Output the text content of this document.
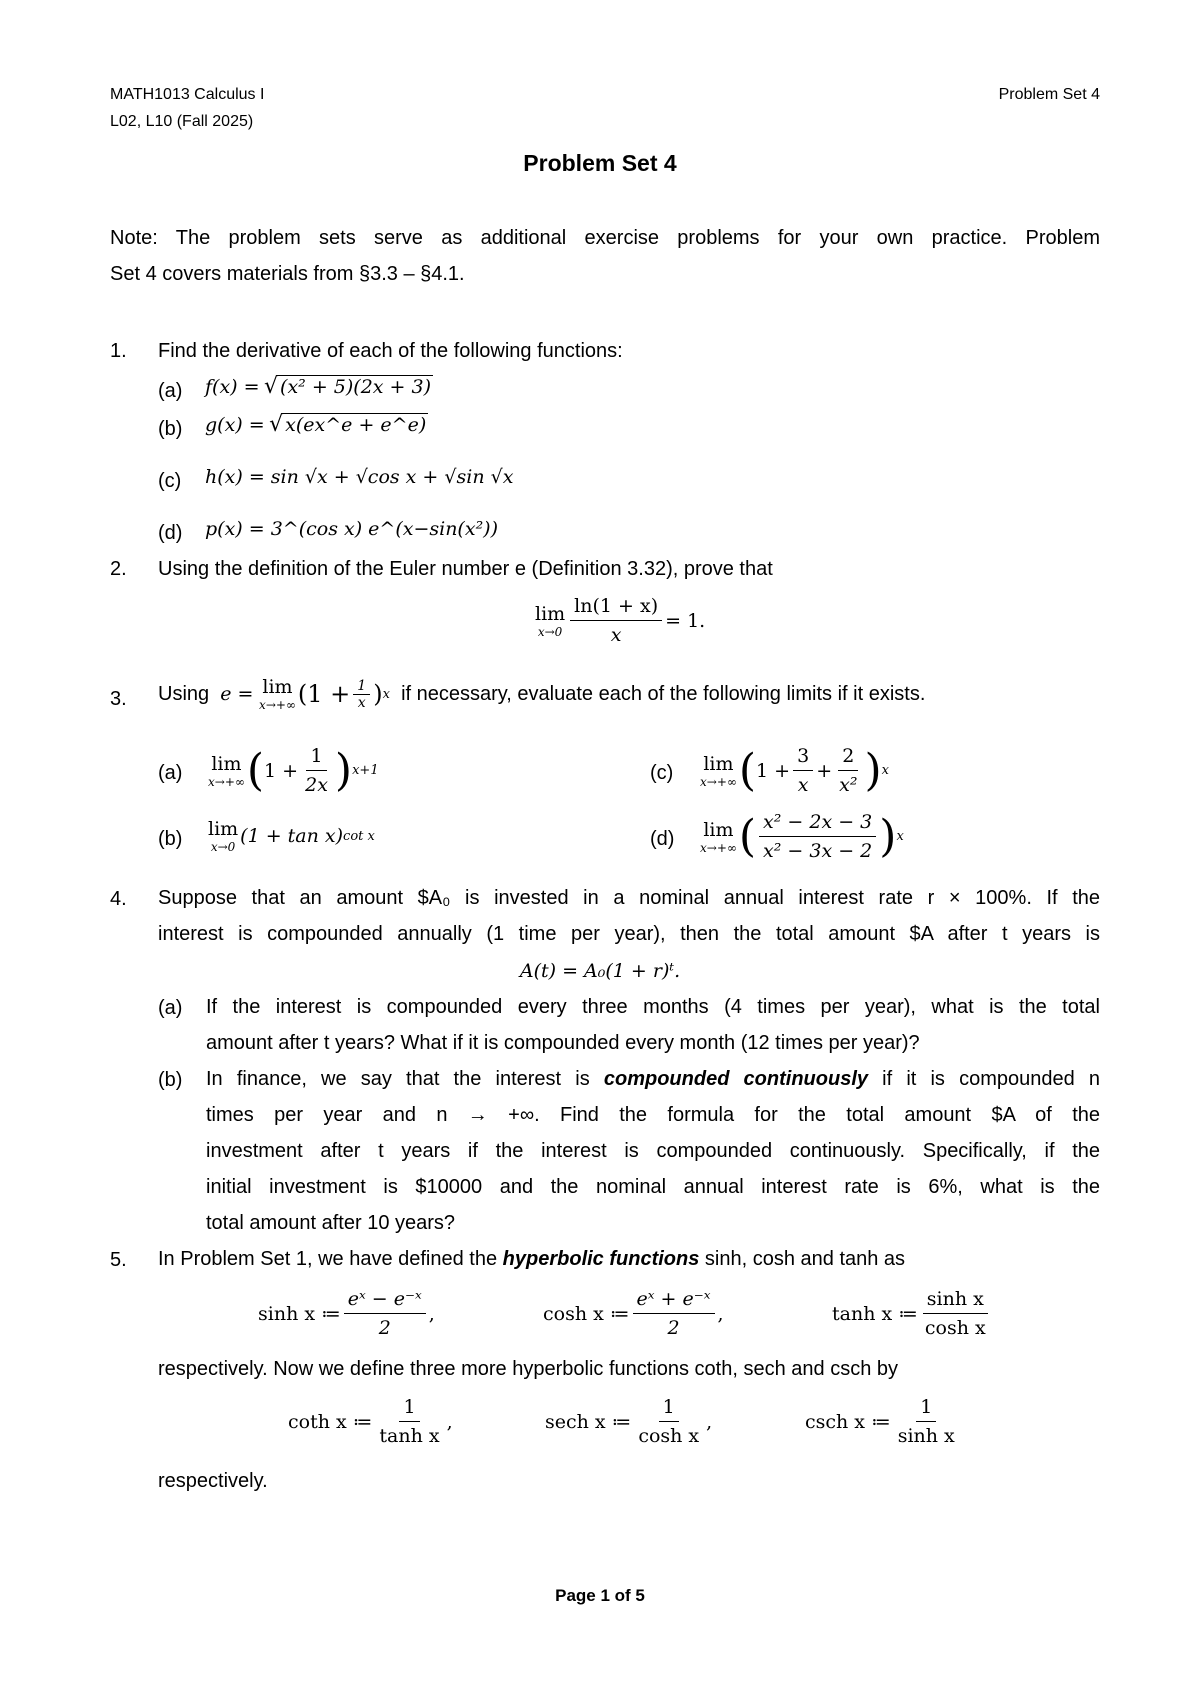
MATH1013 Calculus I
L02, L10 (Fall 2025)
Problem Set 4
Problem Set 4
Note: The problem sets serve as additional exercise problems for your own practice. Problem
Set 4 covers materials from §3.3 – §4.1.
1. Find the derivative of each of the following functions:
(a) f(x) = √ (x² + 5)(2x + 3)
(b) g(x) = √ x(ex^e + e^e)
(c) h(x) = sin √x + √cos x + √sin √x
(d) p(x) = 3^(cos x) e^(x−sin(x²))
2. Using the definition of the Euler number e (Definition 3.32), prove that
lim
$x\to 0 \frac{\ln(1 + x)}{x} = 1$.
3. Using
e =
lim
x→+∞ ($1 + \frac{1}{x}$ ) x
if necessary, evaluate each of the following limits if it exists.
(a) lim
x→+∞ ( $1 + \frac{1}{2x}$ ) x+1
(b) lim
x→0 (1 + tan x) cot x
(c) lim
x→+∞ ( $1 + \frac{3}{x} + \frac{2}{\text{x²}}$ ) x
(d) lim
x→+∞ ( $\frac{\text{x² − 2x − 3}}{\text{x² − 3x − 2}}$ ) x
4. Suppose that an amount $A₀ is invested in a nominal annual interest rate r × 100%. If the
interest is compounded annually (1 time per year), then the total amount $A after t years is
A(t) = A₀(1 + r)ᵗ.
(a) If the interest is compounded every three months (4 times per year), what is the total
amount after t years? What if it is compounded every month (12 times per year)?
(b) In finance, we say that the interest is compounded continuously if it is compounded n
times per year and n → +∞. Find the formula for the total amount $A of the
investment after t years if the interest is compounded continuously. Specifically, if the
initial investment is $10000 and the nominal annual interest rate is 6%, what is the
total amount after 10 years?
5. In Problem Set 1, we have defined the hyperbolic functions sinh, cosh and tanh as
sinh x ≔ $\frac{\text{eˣ − e⁻ˣ}}{2}$ ,	cosh x ≔ $\frac{\text{eˣ + e⁻ˣ}}{2}$ ,	tanh x ≔ $\frac{\text{sinh x}}{\text{cosh x}}$
respectively. Now we define three more hyperbolic functions coth, sech and csch by
coth x ≔ $\frac{1}{\text{tanh x}}$ ,	sech x ≔ $\frac{1}{\text{cosh x}}$ ,	csch x ≔ $\frac{1}{\text{sinh x}}$
respectively.
Page 1 of 5
